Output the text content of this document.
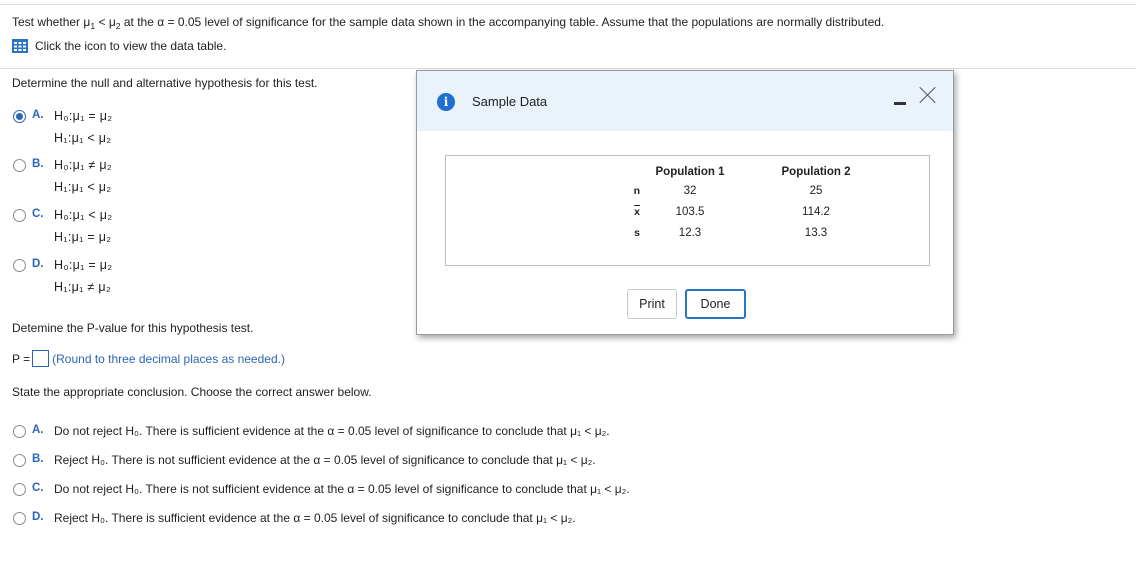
Test whether $\mu_1 < \mu_2$ at the α = 0.05 level of significance for the sample data shown in the accompanying table. Assume that the populations are normally distributed.
Click the icon to view the data table.
Determine the null and alternative hypothesis for this test.
A. H₀:μ₁ = μ₂
H₁:μ₁ < μ₂
B. H₀:μ₁ ≠ μ₂
H₁:μ₁ < μ₂
C. H₀:μ₁ < μ₂
H₁:μ₁ = μ₂
D. H₀:μ₁ = μ₂
H₁:μ₁ ≠ μ₂
Detemine the P-value for this hypothesis test.
P = (Round to three decimal places as needed.)
State the appropriate conclusion. Choose the correct answer below.
A. Do not reject H₀. There is sufficient evidence at the α = 0.05 level of significance to conclude that μ₁ < μ₂.
B. Reject H₀. There is not sufficient evidence at the α = 0.05 level of significance to conclude that μ₁ < μ₂.
C. Do not reject H₀. There is not sufficient evidence at the α = 0.05 level of significance to conclude that μ₁ < μ₂.
D. Reject H₀. There is sufficient evidence at the α = 0.05 level of significance to conclude that μ₁ < μ₂.
i	Sample Data
	Population 1		Population 2
n	32		25
$\overline{x}$	103.5		114.2
s	12.3		13.3
Print	Done
